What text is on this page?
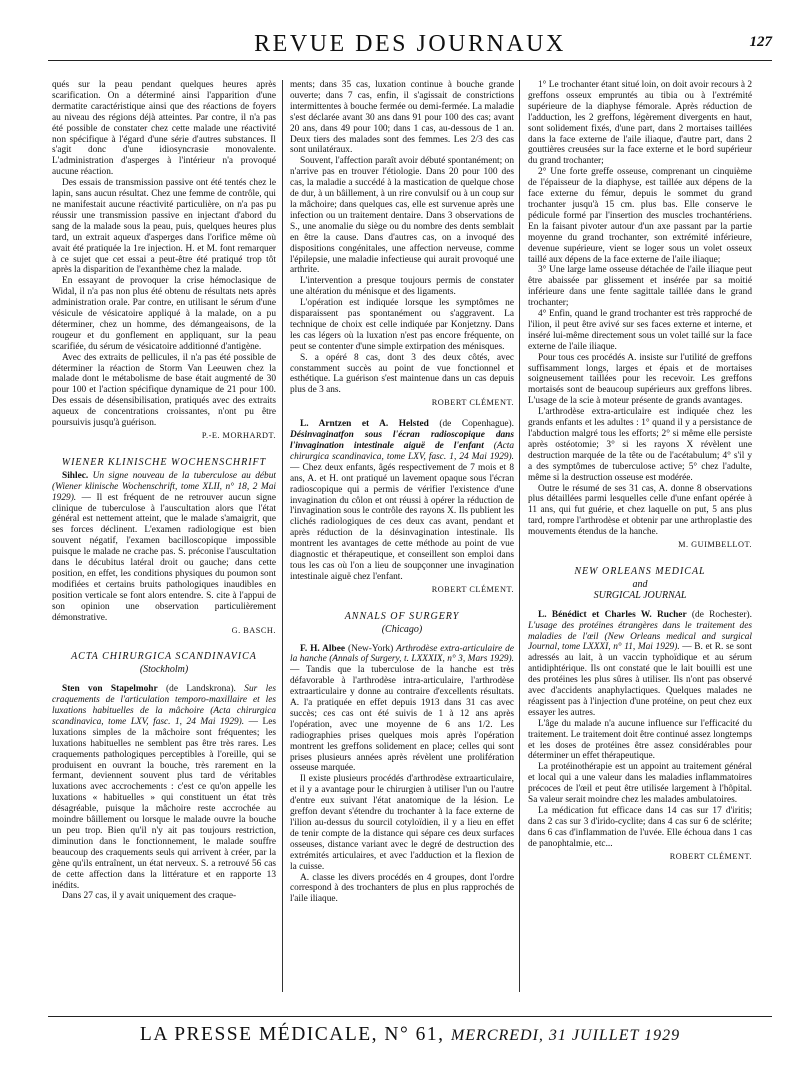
REVUE DES JOURNAUX	127

qués sur la peau pendant quelques heures après scarification. On a déterminé ainsi l'apparition d'une dermatite caractéristique ainsi que des réactions de foyers au niveau des régions déjà atteintes. Par contre, il n'a pas été possible de constater chez cette malade une réactivité non spécifique à l'égard d'une série d'autres substances. Il s'agit donc d'une idiosyncrasie monovalente. L'administration d'asperges à l'intérieur n'a provoqué aucune réaction.

Des essais de transmission passive ont été tentés chez le lapin, sans aucun résultat. Chez une femme de contrôle, qui ne manifestait aucune réactivité particulière, on n'a pas pu réussir une transmission passive en injectant d'abord du sang de la malade sous la peau, puis, quelques heures plus tard, un extrait aqueux d'asperges dans l'orifice même où avait été pratiquée la 1re injection. H. et M. font remarquer à ce sujet que cet essai a peut-être été pratiqué trop tôt après la disparition de l'exanthème chez la malade.

En essayant de provoquer la crise hémoclasique de Widal, il n'a pas non plus été obtenu de résultats nets après administration orale. Par contre, en utilisant le sérum d'une vésicule de vésicatoire appliqué à la malade, on a pu déterminer, chez un homme, des démangeaisons, de la rougeur et du gonflement en appliquant, sur la peau scarifiée, du sérum de vésicatoire additionné d'antigène.

Avec des extraits de pellicules, il n'a pas été possible de déterminer la réaction de Storm Van Leeuwen chez la malade dont le métabolisme de base était augmenté de 30 pour 100 et l'action spécifique dynamique de 21 pour 100. Des essais de désensibilisation, pratiqués avec des extraits aqueux de concentrations croissantes, n'ont pu être poursuivis jusqu'à guérison.

P.-E. MORHARDT.

WIENER KLINISCHE WOCHENSCHRIFT

Sihlec. Un signe nouveau de la tuberculose au début (Wiener klinische Wochenschrift, tome XLII, n° 18, 2 Mai 1929). — Il est fréquent de ne retrouver aucun signe clinique de tuberculose à l'auscultation alors que l'état général est nettement atteint, que le malade s'amaigrit, que ses forces déclinent. L'examen radiologique est bien souvent négatif, l'examen bacilloscopique impossible puisque le malade ne crache pas. S. préconise l'auscultation dans le décubitus latéral droit ou gauche; dans cette position, en effet, les conditions physiques du poumon sont modifiées et certains bruits pathologiques inaudibles en position verticale se font alors entendre. S. cite à l'appui de son opinion une observation particulièrement démonstrative.

G. BASCH.

ACTA CHIRURGICA SCANDINAVICA

(Stockholm)

Sten von Stapelmohr (de Landskrona). Sur les craquements de l'articulation temporo-maxillaire et les luxations habituelles de la mâchoire (Acta chirurgica scandinavica, tome LXV, fasc. 1, 24 Mai 1929). — Les luxations simples de la mâchoire sont fréquentes; les luxations habituelles ne semblent pas être très rares. Les craquements pathologiques perceptibles à l'oreille, qui se produisent en ouvrant la bouche, très rarement en la fermant, deviennent souvent plus tard de véritables luxations avec accrochements : c'est ce qu'on appelle les luxations « habituelles » qui constituent un état très désagréable, puisque la mâchoire reste accrochée au moindre bâillement ou lorsque le malade ouvre la bouche un peu trop. Bien qu'il n'y ait pas toujours restriction, diminution dans le fonctionnement, le malade souffre beaucoup des craquements seuls qui arrivent à créer, par la gène qu'ils entraînent, un état nerveux. S. a retrouvé 56 cas de cette affection dans la littérature et en rapporte 13 inédits.

Dans 27 cas, il y avait uniquement des craque-

ments; dans 35 cas, luxation continue à bouche grande ouverte; dans 7 cas, enfin, il s'agissait de constrictions intermittentes à bouche fermée ou demi-fermée. La maladie s'est déclarée avant 30 ans dans 91 pour 100 des cas; avant 20 ans, dans 49 pour 100; dans 1 cas, au-dessous de 1 an. Deux tiers des malades sont des femmes. Les 2/3 des cas sont unilatéraux.

Souvent, l'affection paraît avoir débuté spontanément; on n'arrive pas en trouver l'étiologie. Dans 20 pour 100 des cas, la maladie a succédé à la mastication de quelque chose de dur, à un bâillement, à un rire convulsif ou à un coup sur la mâchoire; dans quelques cas, elle est survenue après une infection ou un traitement dentaire. Dans 3 observations de S., une anomalie du siège ou du nombre des dents semblait en être la cause. Dans d'autres cas, on a invoqué des dispositions congénitales, une affection nerveuse, comme l'épilepsie, une maladie infectieuse qui aurait provoqué une arthrite.

L'intervention a presque toujours permis de constater une altération du ménisque et des ligaments.

L'opération est indiquée lorsque les symptômes ne disparaissent pas spontanément ou s'aggravent. La technique de choix est celle indiquée par Konjetzny. Dans les cas légers où la luxation n'est pas encore fréquente, on peut se contenter d'une simple extirpation des ménisques.

S. a opéré 8 cas, dont 3 des deux côtés, avec constamment succès au point de vue fonctionnel et esthétique. La guérison s'est maintenue dans un cas depuis plus de 3 ans.

ROBERT CLÉMENT.

L. Arntzen et A. Helsted (de Copenhague). Désinvaginatfon sous l'écran radioscopique dans l'invagination intestinale aiguë de l'enfant (Acta chirurgica scandinavica, tome LXV, fasc. 1, 24 Mai 1929). — Chez deux enfants, âgés respectivement de 7 mois et 8 ans, A. et H. ont pratiqué un lavement opaque sous l'écran radioscopique qui a permis de vérifier l'existence d'une invagination du côlon et ont réussi à opérer la réduction de l'invagination sous le contrôle des rayons X. Ils publient les clichés radiologiques de ces deux cas avant, pendant et après réduction de la désinvagination intestinale. Ils montrent les avantages de cette méthode au point de vue diagnostic et thérapeutique, et conseillent son emploi dans tous les cas où l'on a lieu de soupçonner une invagination intestinale aiguë chez l'enfant.

ROBERT CLÉMENT.

ANNALS OF SURGERY

(Chicago)

F. H. Albee (New-York) Arthrodèse extra-articulaire de la hanche (Annals of Surgery, t. LXXXIX, n° 3, Mars 1929). — Tandis que la tuberculose de la hanche est très défavorable à l'arthrodèse intra-articulaire, l'arthrodèse extraarticulaire y donne au contraire d'excellents résultats. A. l'a pratiquée en effet depuis 1913 dans 31 cas avec succès; ces cas ont été suivis de 1 à 12 ans après l'opération, avec une moyenne de 6 ans 1/2. Les radiographies prises quelques mois après l'opération montrent les greffons solidement en place; celles qui sont prises plusieurs années après révèlent une prolifération osseuse marquée.

Il existe plusieurs procédés d'arthrodèse extraarticulaire, et il y a avantage pour le chirurgien à utiliser l'un ou l'autre d'entre eux suivant l'état anatomique de la lésion. Le greffon devant s'étendre du trochanter à la face externe de l'ilion au-dessus du sourcil cotyloïdien, il y a lieu en effet de tenir compte de la distance qui sépare ces deux surfaces osseuses, distance variant avec le degré de destruction des extrémités articulaires, et avec l'adduction et la flexion de la cuisse.

A. classe les divers procédés en 4 groupes, dont l'ordre correspond à des trochanters de plus en plus rapprochés de l'aile iliaque.

1° Le trochanter étant situé loin, on doit avoir recours à 2 greffons osseux empruntés au tibia ou à l'extrémité supérieure de la diaphyse fémorale. Après réduction de l'adduction, les 2 greffons, légèrement divergents en haut, sont solidement fixés, d'une part, dans 2 mortaises taillées dans la face externe de l'aile iliaque, d'autre part, dans 2 gouttières creusées sur la face externe et le bord supérieur du grand trochanter;

2° Une forte greffe osseuse, comprenant un cinquième de l'épaisseur de la diaphyse, est taillée aux dépens de la face externe du fémur, depuis le sommet du grand trochanter jusqu'à 15 cm. plus bas. Elle conserve le pédicule formé par l'insertion des muscles trochantériens. En la faisant pivoter autour d'un axe passant par la partie moyenne du grand trochanter, son extrémité inférieure, devenue supérieure, vient se loger sous un volet osseux taillé aux dépens de la face externe de l'aile iliaque;

3° Une large lame osseuse détachée de l'aile iliaque peut être abaissée par glissement et insérée par sa moitié inférieure dans une fente sagittale taillée dans le grand trochanter;

4° Enfin, quand le grand trochanter est très rapproché de l'ilion, il peut être avivé sur ses faces externe et interne, et inséré lui-même directement sous un volet taillé sur la face externe de l'aile iliaque.

Pour tous ces procédés A. insiste sur l'utilité de greffons suffisamment longs, larges et épais et de mortaises soigneusement taillées pour les recevoir. Les greffons mortaisés sont de beaucoup supérieurs aux greffons libres. L'usage de la scie à moteur présente de grands avantages.

L'arthrodèse extra-articulaire est indiquée chez les grands enfants et les adultes : 1° quand il y a persistance de l'abduction malgré tous les efforts; 2° si même elle persiste après ostéotomie; 3° si les rayons X révèlent une destruction marquée de la tête ou de l'acétabulum; 4° s'il y a des symptômes de tuberculose active; 5° chez l'adulte, même si la destruction osseuse est modérée.

Outre le résumé de ses 31 cas, A. donne 8 observations plus détaillées parmi lesquelles celle d'une enfant opérée à 11 ans, qui fut guérie, et chez laquelle on put, 5 ans plus tard, rompre l'arthrodèse et obtenir par une arthroplastie des mouvements étendus de la hanche.

M. GUIMBELLOT.

NEW ORLEANS MEDICAL

and

SURGICAL JOURNAL

L. Bénédict et Charles W. Rucher (de Rochester). L'usage des protéines étrangères dans le traitement des maladies de l'œil (New Orleans medical and surgical Journal, tome LXXXI, n° 11, Mai 1929). — B. et R. se sont adressés au lait, à un vaccin typhoïdique et au sérum antidiphtérique. Ils ont constaté que le lait bouilli est une des protéines les plus sûres à utiliser. Ils n'ont pas observé avec d'accidents anaphylactiques. Quelques malades ne réagissent pas à l'injection d'une protéine, on peut chez eux essayer les autres.

L'âge du malade n'a aucune influence sur l'efficacité du traitement. Le traitement doit être continué assez longtemps et les doses de protéines être assez considérables pour déterminer un effet thérapeutique.

La protéinothérapie est un appoint au traitement général et local qui a une valeur dans les maladies inflammatoires précoces de l'œil et peut être utilisée largement à l'hôpital. Sa valeur serait moindre chez les malades ambulatoires.

La médication fut efficace dans 14 cas sur 17 d'iritis; dans 2 cas sur 3 d'irido-cyclite; dans 4 cas sur 6 de sclérite; dans 6 cas d'inflammation de l'uvée. Elle échoua dans 1 cas de panophtalmie, etc...

ROBERT CLÉMENT.

LA PRESSE MÉDICALE, N° 61, MERCREDI, 31 JUILLET 1929
